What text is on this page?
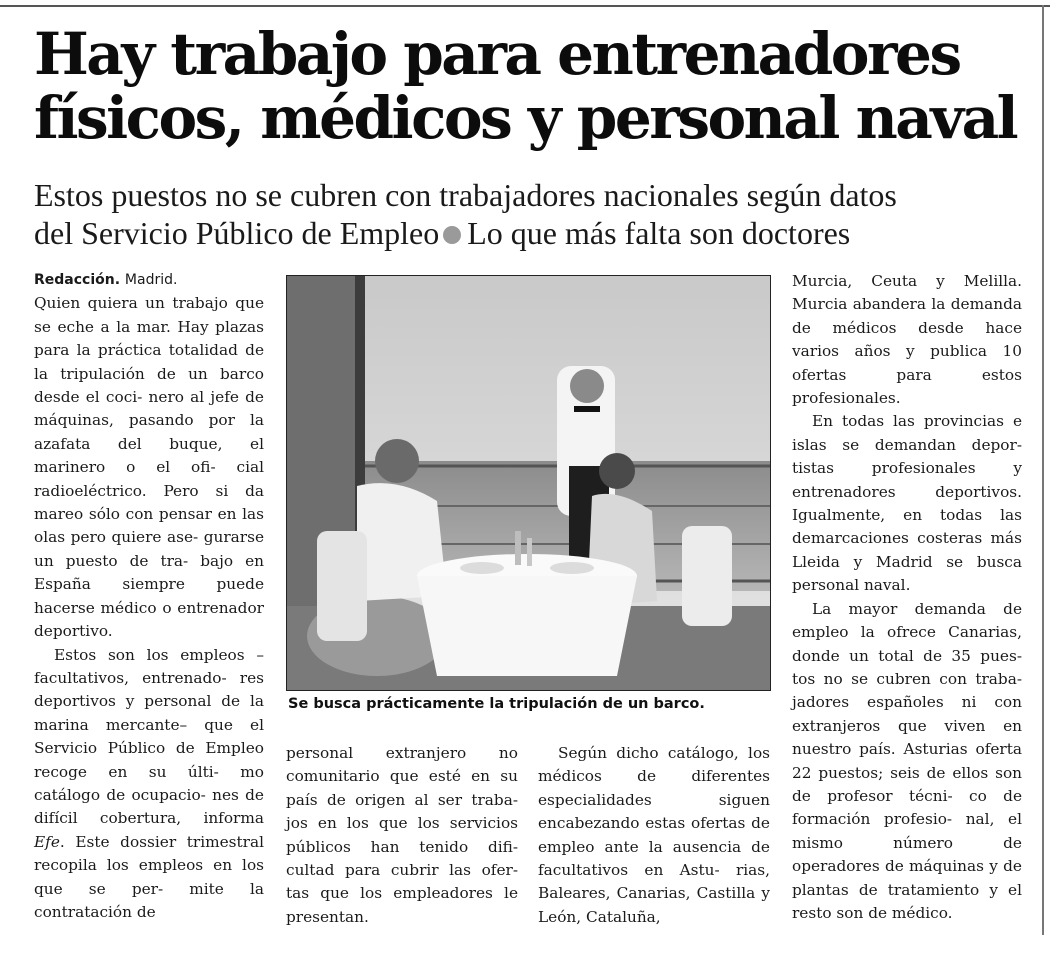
Hay trabajo para entrenadores
físicos, médicos y personal naval
Estos puestos no se cubren con trabajadores nacionales según datos
del Servicio Público de Empleo Lo que más falta son doctores

Redacción. Madrid.
Quien quiera un trabajo que se eche a la mar. Hay plazas para la práctica totalidad de la tripulación de un barco desde el coci- nero al jefe de máquinas, pasando por la azafata del buque, el marinero o el ofi- cial radioeléctrico. Pero si da mareo sólo con pensar en las olas pero quiere ase- gurarse un puesto de tra- bajo en España siempre puede hacerse médico o entrenador deportivo.

Estos son los empleos –facultativos, entrenado- res deportivos y personal de la marina mercante– que el Servicio Público de Empleo recoge en su últi- mo catálogo de ocupacio- nes de difícil cobertura, informa Efe. Este dossier trimestral recopila los empleos en los que se per- mite la contratación de

Se busca prácticamente la tripulación de un barco.

personal extranjero no comunitario que esté en su país de origen al ser traba- jos en los que los servicios públicos han tenido difi- cultad para cubrir las ofer- tas que los empleadores le presentan.

Según dicho catálogo, los médicos de diferentes especialidades siguen encabezando estas ofertas de empleo ante la ausencia de facultativos en Astu- rias, Baleares, Canarias, Castilla y León, Cataluña,

Murcia, Ceuta y Melilla. Murcia abandera la demanda de médicos desde hace varios años y publica 10 ofertas para	estos profesionales.

En todas las provincias e islas se demandan depor- tistas profesionales y entrenadores deportivos. Igualmente, en todas las demarcaciones costeras más Lleida y Madrid se busca personal naval.

La mayor demanda de empleo la ofrece Canarias, donde un total de 35 pues- tos no se cubren con traba- jadores españoles ni con extranjeros que viven en nuestro país. Asturias oferta 22 puestos; seis de ellos son de profesor técni- co de formación profesio- nal, el mismo número de operadores de máquinas y de plantas de tratamiento y el resto son de médico.
